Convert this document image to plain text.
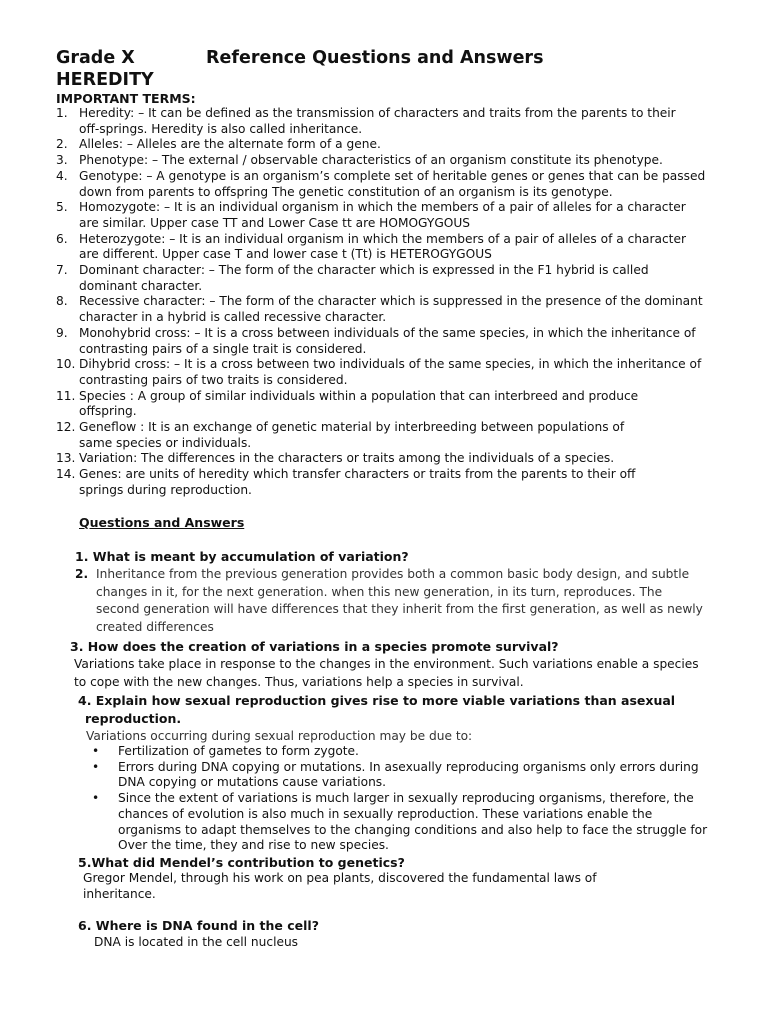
Grade X	Reference Questions and Answers
HEREDITY
IMPORTANT TERMS:
1. Heredity: – It can be defined as the transmission of characters and traits from the parents to their
off-springs. Heredity is also called inheritance.
2. Alleles: – Alleles are the alternate form of a gene.
3. Phenotype: – The external / observable characteristics of an organism constitute its phenotype.
4. Genotype: – A genotype is an organism’s complete set of heritable genes or genes that can be passed
down from parents to offspring The genetic constitution of an organism is its genotype.
5. Homozygote: – It is an individual organism in which the members of a pair of alleles for a character
are similar. Upper case TT and Lower Case tt are HOMOGYGOUS
6. Heterozygote: – It is an individual organism in which the members of a pair of alleles of a character
are different. Upper case T and lower case t (Tt) is HETEROGYGOUS
7. Dominant character: – The form of the character which is expressed in the F1 hybrid is called
dominant character.
8. Recessive character: – The form of the character which is suppressed in the presence of the dominant
character in a hybrid is called recessive character.
9. Monohybrid cross: – It is a cross between individuals of the same species, in which the inheritance of
contrasting pairs of a single trait is considered.
10. Dihybrid cross: – It is a cross between two individuals of the same species, in which the inheritance of
contrasting pairs of two traits is considered.
11. Species : A group of similar individuals within a population that can interbreed and produce
offspring.
12. Geneflow : It is an exchange of genetic material by interbreeding between populations of
same species or individuals.
13. Variation: The differences in the characters or traits among the individuals of a species.
14. Genes: are units of heredity which transfer characters or traits from the parents to their off
springs during reproduction.
Questions and Answers
1. What is meant by accumulation of variation?
2. Inheritance from the previous generation provides both a common basic body design, and subtle
changes in it, for the next generation. when this new generation, in its turn, reproduces. The
second generation will have differences that they inherit from the first generation, as well as newly
created differences
3. How does the creation of variations in a species promote survival?
Variations take place in response to the changes in the environment. Such variations enable a species
to cope with the new changes. Thus, variations help a species in survival.
4. Explain how sexual reproduction gives rise to more viable variations than asexual
reproduction.
Variations occurring during sexual reproduction may be due to:
• Fertilization of gametes to form zygote.
• Errors during DNA copying or mutations. In asexually reproducing organisms only errors during
DNA copying or mutations cause variations.
• Since the extent of variations is much larger in sexually reproducing organisms, therefore, the
chances of evolution is also much in sexually reproduction. These variations enable the
organisms to adapt themselves to the changing conditions and also help to face the struggle for
Over the time, they and rise to new species.
5.What did Mendel’s contribution to genetics?
Gregor Mendel, through his work on pea plants, discovered the fundamental laws of
inheritance.
6. Where is DNA found in the cell?
DNA is located in the cell nucleus
